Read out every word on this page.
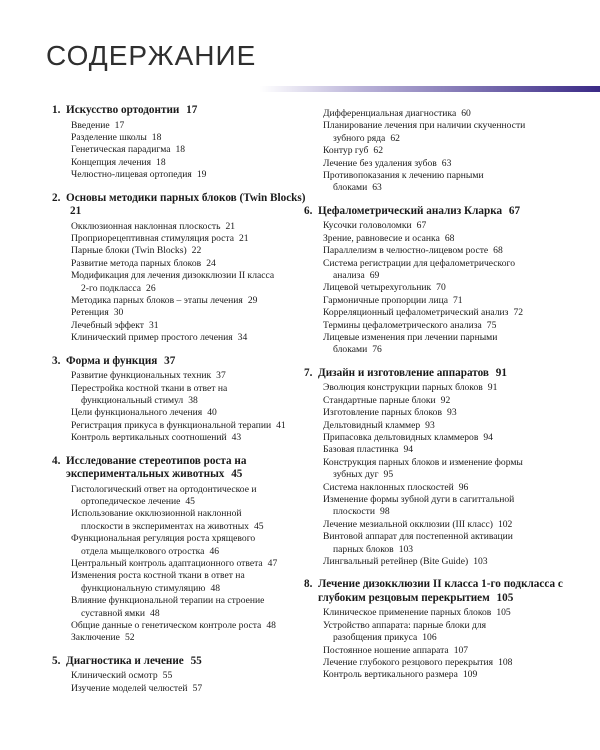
СОДЕРЖАНИЕ
1. Искусство ортодонтии 17
Введение 17
Разделение школы 18
Генетическая парадигма 18
Концепция лечения 18
Челюстно-лицевая ортопедия 19
2. Основы методики парных блоков (Twin Blocks) 21
Окклюзионная наклонная плоскость 21
Проприорецептивная стимуляция роста 21
Парные блоки (Twin Blocks) 22
Развитие метода парных блоков 24
Модификация для лечения дизокклюзии II класса
2-го подкласса 26
Методика парных блоков – этапы лечения 29
Ретенция 30
Лечебный эффект 31
Клинический пример простого лечения 34
3. Форма и функция 37
Развитие функциональных техник 37
Перестройка костной ткани в ответ на
функциональный стимул 38
Цели функционального лечения 40
Регистрация прикуса в функциональной терапии 41
Контроль вертикальных соотношений 43
4. Исследование стереотипов роста на экспериментальных животных 45
Гистологический ответ на ортодонтическое и
ортопедическое лечение 45
Использование окклюзионной наклонной
плоскости в экспериментах на животных 45
Функциональная регуляция роста хрящевого
отдела мыщелкового отростка 46
Центральный контроль адаптационного ответа 47
Изменения роста костной ткани в ответ на
функциональную стимуляцию 48
Влияние функциональной терапии на строение
суставной ямки 48
Общие данные о генетическом контроле роста 48
Заключение 52
5. Диагностика и лечение 55
Клинический осмотр 55
Изучение моделей челюстей 57
Дифференциальная диагностика 60
Планирование лечения при наличии скученности
зубного ряда 62
Контур губ 62
Лечение без удаления зубов 63
Противопоказания к лечению парными
блоками 63
6. Цефалометрический анализ Кларка 67
Кусочки головоломки 67
Зрение, равновесие и осанка 68
Параллелизм в челюстно-лицевом росте 68
Система регистрации для цефалометрического
анализа 69
Лицевой четырехугольник 70
Гармоничные пропорции лица 71
Корреляционный цефалометрический анализ 72
Термины цефалометрического анализа 75
Лицевые изменения при лечении парными
блоками 76
7. Дизайн и изготовление аппаратов 91
Эволюция конструкции парных блоков 91
Стандартные парные блоки 92
Изготовление парных блоков 93
Дельтовидный кламмер 93
Припасовка дельтовидных кламмеров 94
Базовая пластинка 94
Конструкция парных блоков и изменение формы
зубных дуг 95
Система наклонных плоскостей 96
Изменение формы зубной дуги в сагиттальной
плоскости 98
Лечение мезиальной окклюзии (III класс) 102
Винтовой аппарат для постепенной активации
парных блоков 103
Лингвальный ретейнер (Bite Guide) 103
8. Лечение дизокклюзии II класса 1-го подкласса с глубоким резцовым перекрытием 105
Клиническое применение парных блоков 105
Устройство аппарата: парные блоки для
разобщения прикуса 106
Постоянное ношение аппарата 107
Лечение глубокого резцового перекрытия 108
Контроль вертикального размера 109
